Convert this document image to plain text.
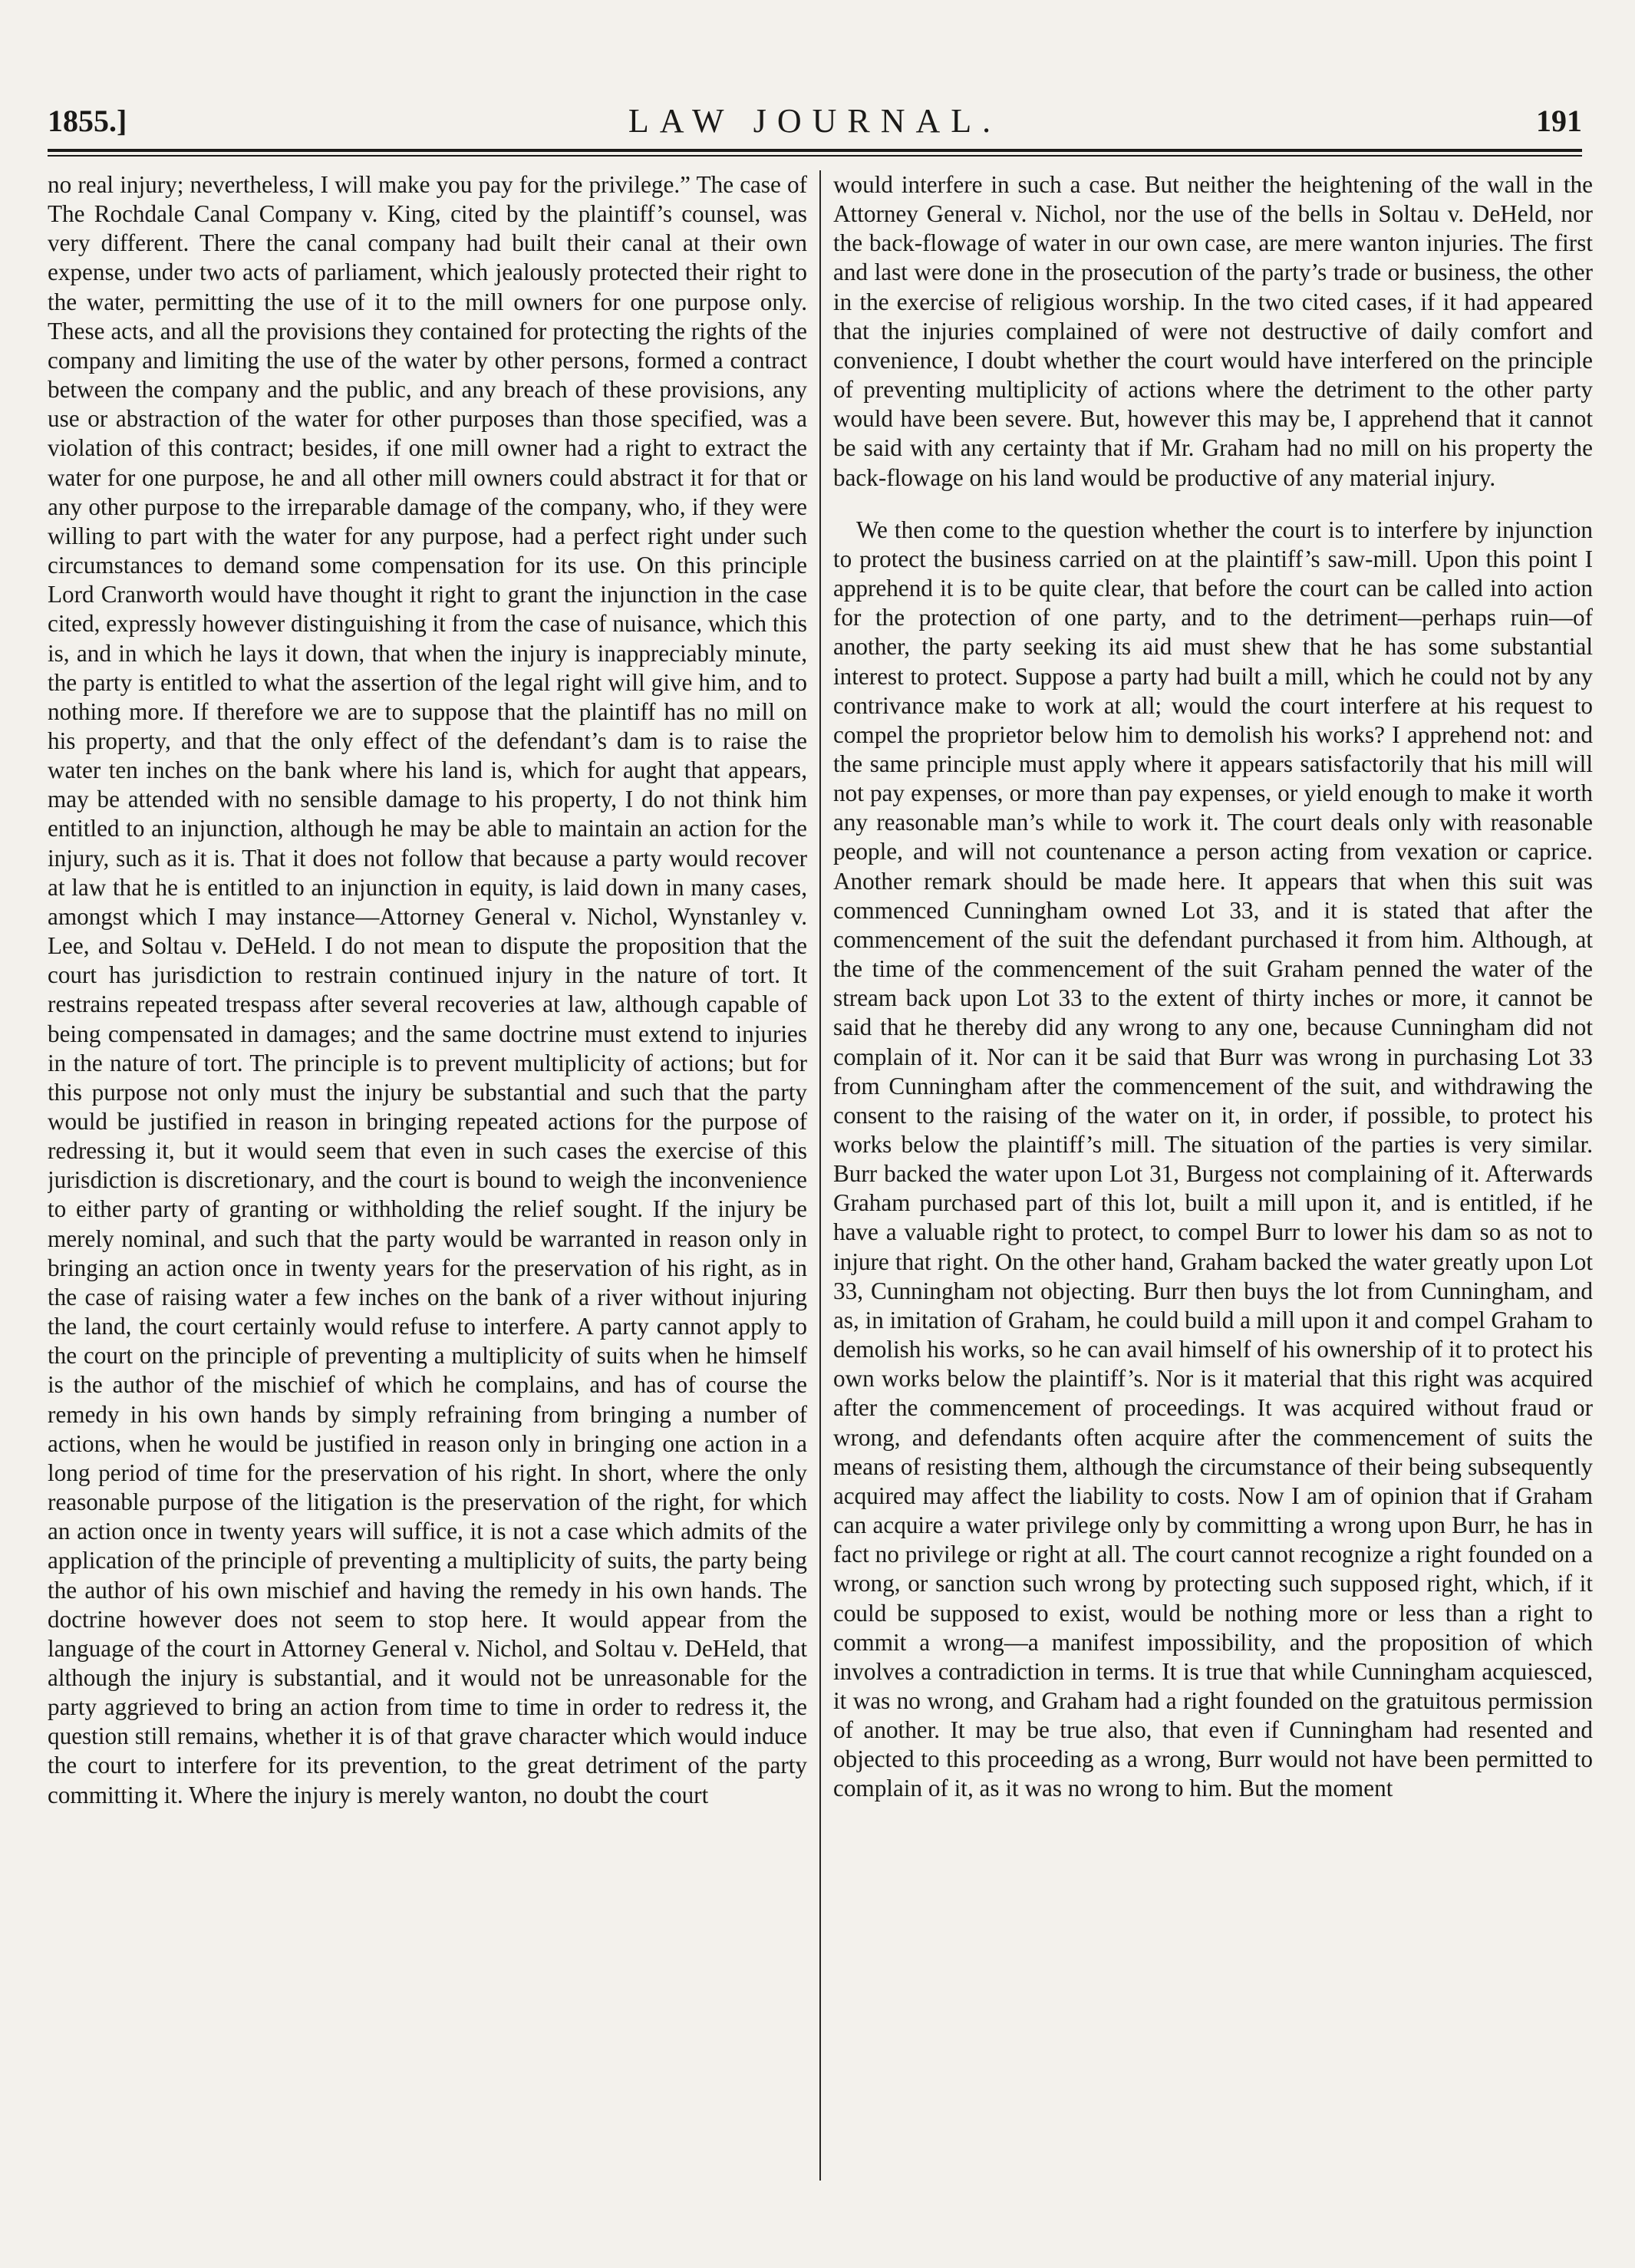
1855.]	LAW JOURNAL.	191

no real injury; nevertheless, I will make you pay for the privilege.” The case of The Rochdale Canal Company v. King, cited by the plaintiff’s counsel, was very different. There the canal company had built their canal at their own expense, under two acts of parliament, which jealously protected their right to the water, permitting the use of it to the mill owners for one purpose only. These acts, and all the provisions they contained for protecting the rights of the company and limiting the use of the water by other persons, formed a contract between the company and the public, and any breach of these provisions, any use or abstraction of the water for other purposes than those specified, was a violation of this contract; besides, if one mill owner had a right to extract the water for one purpose, he and all other mill owners could abstract it for that or any other purpose to the irreparable damage of the company, who, if they were willing to part with the water for any purpose, had a perfect right under such circumstances to demand some compensation for its use. On this principle Lord Cranworth would have thought it right to grant the injunction in the case cited, expressly however distinguishing it from the case of nuisance, which this is, and in which he lays it down, that when the injury is inappreciably minute, the party is entitled to what the assertion of the legal right will give him, and to nothing more. If therefore we are to suppose that the plaintiff has no mill on his property, and that the only effect of the defendant’s dam is to raise the water ten inches on the bank where his land is, which for aught that appears, may be attended with no sensible damage to his property, I do not think him entitled to an injunction, although he may be able to maintain an action for the injury, such as it is. That it does not follow that because a party would recover at law that he is entitled to an injunction in equity, is laid down in many cases, amongst which I may instance—Attorney General v. Nichol, Wynstanley v. Lee, and Soltau v. DeHeld. I do not mean to dispute the proposition that the court has jurisdiction to restrain continued injury in the nature of tort. It restrains repeated trespass after several recoveries at law, although capable of being compensated in damages; and the same doctrine must extend to injuries in the nature of tort. The principle is to prevent multiplicity of actions; but for this purpose not only must the injury be substantial and such that the party would be justified in reason in bringing repeated actions for the purpose of redressing it, but it would seem that even in such cases the exercise of this jurisdiction is discretionary, and the court is bound to weigh the inconvenience to either party of granting or withholding the relief sought. If the injury be merely nominal, and such that the party would be warranted in reason only in bringing an action once in twenty years for the preservation of his right, as in the case of raising water a few inches on the bank of a river without injuring the land, the court certainly would refuse to interfere. A party cannot apply to the court on the principle of preventing a multiplicity of suits when he himself is the author of the mischief of which he complains, and has of course the remedy in his own hands by simply refraining from bringing a number of actions, when he would be justified in reason only in bringing one action in a long period of time for the preservation of his right. In short, where the only reasonable purpose of the litigation is the preservation of the right, for which an action once in twenty years will suffice, it is not a case which admits of the application of the principle of preventing a multiplicity of suits, the party being the author of his own mischief and having the remedy in his own hands. The doctrine however does not seem to stop here. It would appear from the language of the court in Attorney General v. Nichol, and Soltau v. DeHeld, that although the injury is substantial, and it would not be unreasonable for the party aggrieved to bring an action from time to time in order to redress it, the question still remains, whether it is of that grave character which would induce the court to interfere for its prevention, to the great detriment of the party committing it. Where the injury is merely wanton, no doubt the court

would interfere in such a case. But neither the heightening of the wall in the Attorney General v. Nichol, nor the use of the bells in Soltau v. DeHeld, nor the back-flowage of water in our own case, are mere wanton injuries. The first and last were done in the prosecution of the party’s trade or business, the other in the exercise of religious worship. In the two cited cases, if it had appeared that the injuries complained of were not destructive of daily comfort and convenience, I doubt whether the court would have interfered on the principle of preventing multiplicity of actions where the detriment to the other party would have been severe. But, however this may be, I apprehend that it cannot be said with any certainty that if Mr. Graham had no mill on his property the back-flowage on his land would be productive of any material injury.

We then come to the question whether the court is to interfere by injunction to protect the business carried on at the plaintiff’s saw-mill. Upon this point I apprehend it is to be quite clear, that before the court can be called into action for the protection of one party, and to the detriment—perhaps ruin—of another, the party seeking its aid must shew that he has some substantial interest to protect. Suppose a party had built a mill, which he could not by any contrivance make to work at all; would the court interfere at his request to compel the proprietor below him to demolish his works? I apprehend not: and the same principle must apply where it appears satisfactorily that his mill will not pay expenses, or more than pay expenses, or yield enough to make it worth any reasonable man’s while to work it. The court deals only with reasonable people, and will not countenance a person acting from vexation or caprice. Another remark should be made here. It appears that when this suit was commenced Cunningham owned Lot 33, and it is stated that after the commencement of the suit the defendant purchased it from him. Although, at the time of the commencement of the suit Graham penned the water of the stream back upon Lot 33 to the extent of thirty inches or more, it cannot be said that he thereby did any wrong to any one, because Cunningham did not complain of it. Nor can it be said that Burr was wrong in purchasing Lot 33 from Cunningham after the commencement of the suit, and withdrawing the consent to the raising of the water on it, in order, if possible, to protect his works below the plaintiff’s mill. The situation of the parties is very similar. Burr backed the water upon Lot 31, Burgess not complaining of it. Afterwards Graham purchased part of this lot, built a mill upon it, and is entitled, if he have a valuable right to protect, to compel Burr to lower his dam so as not to injure that right. On the other hand, Graham backed the water greatly upon Lot 33, Cunningham not objecting. Burr then buys the lot from Cunningham, and as, in imitation of Graham, he could build a mill upon it and compel Graham to demolish his works, so he can avail himself of his ownership of it to protect his own works below the plaintiff’s. Nor is it material that this right was acquired after the commencement of proceedings. It was acquired without fraud or wrong, and defendants often acquire after the commencement of suits the means of resisting them, although the circumstance of their being subsequently acquired may affect the liability to costs. Now I am of opinion that if Graham can acquire a water privilege only by committing a wrong upon Burr, he has in fact no privilege or right at all. The court cannot recognize a right founded on a wrong, or sanction such wrong by protecting such supposed right, which, if it could be supposed to exist, would be nothing more or less than a right to commit a wrong—a manifest impossibility, and the proposition of which involves a contradiction in terms. It is true that while Cunningham acquiesced, it was no wrong, and Graham had a right founded on the gratuitous permission of another. It may be true also, that even if Cunningham had resented and objected to this proceeding as a wrong, Burr would not have been permitted to complain of it, as it was no wrong to him. But the moment
